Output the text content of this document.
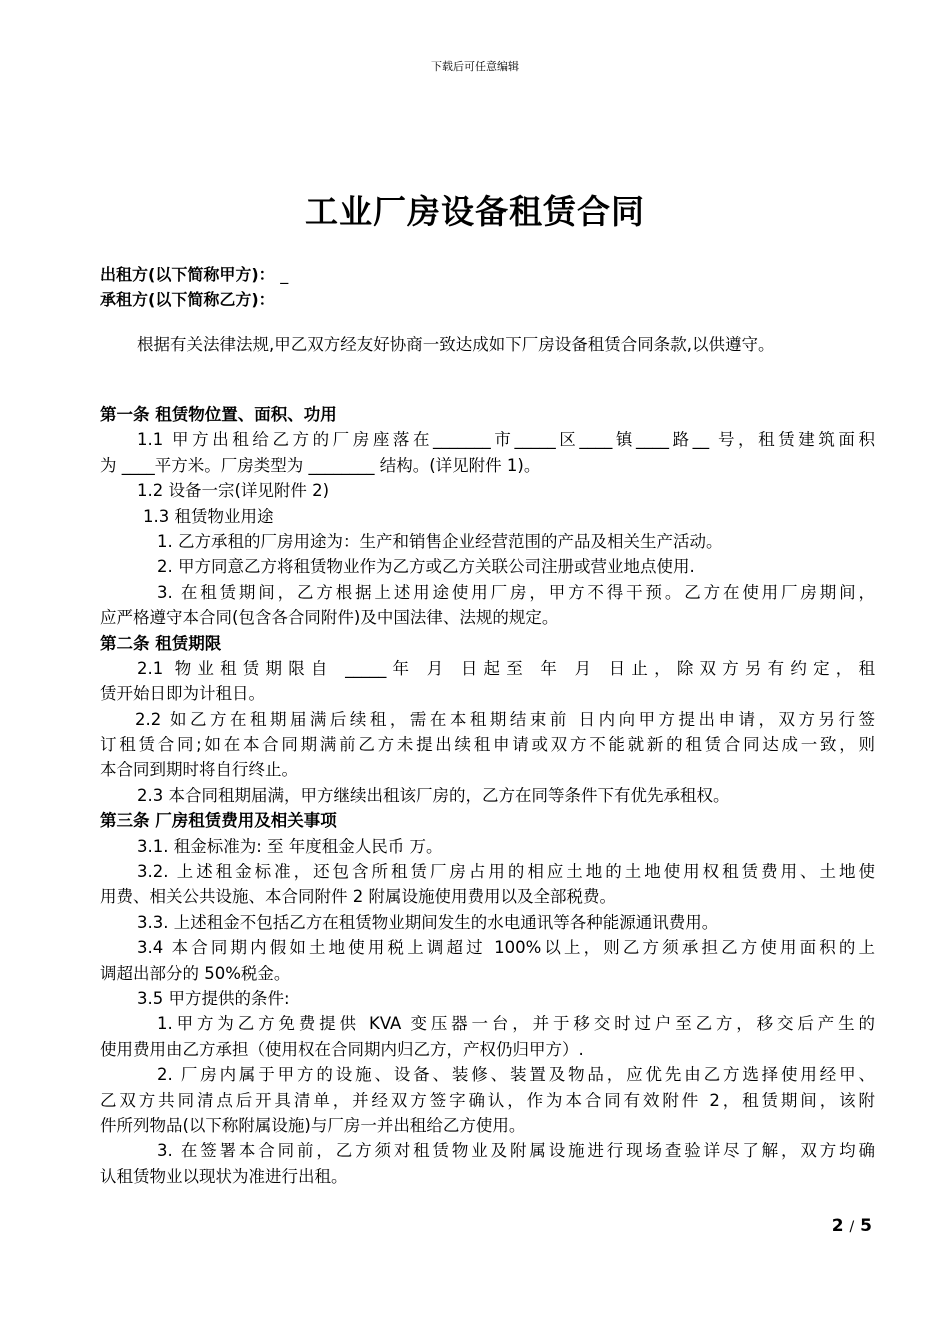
下载后可任意编辑
工业厂房设备租赁合同
出租方(以下简称甲方)： _
承租方(以下简称乙方)：
根据有关法律法规,甲乙双方经友好协商一致达成如下厂房设备租赁合同条款,以供遵守。
第一条 租赁物位置、面积、功用
1.1 甲方出租给乙方的厂房座落在_______市_____区____镇____路__ 号，租赁建筑面积
为 ____平方米。厂房类型为 ________ 结构。(详见附件 1)。
1.2 设备一宗(详见附件 2)
1.3 租赁物业用途
1. 乙方承租的厂房用途为：生产和销售企业经营范围的产品及相关生产活动。
2. 甲方同意乙方将租赁物业作为乙方或乙方关联公司注册或营业地点使用.
3. 在租赁期间，乙方根据上述用途使用厂房，甲方不得干预。乙方在使用厂房期间，
应严格遵守本合同(包含各合同附件)及中国法律、法规的规定。
第二条 租赁期限
2.1 物业租赁期限自 _____年 月 日起至 年 月 日止，除双方另有约定，租
赁开始日即为计租日。
2.2 如乙方在租期届满后续租，需在本租期结束前 日内向甲方提出申请，双方另行签
订租赁合同;如在本合同期满前乙方未提出续租申请或双方不能就新的租赁合同达成一致，则
本合同到期时将自行终止。
2.3 本合同租期届满，甲方继续出租该厂房的，乙方在同等条件下有优先承租权。
第三条 厂房租赁费用及相关事项
3.1. 租金标准为: 至 年度租金人民币 万。
3.2. 上述租金标准，还包含所租赁厂房占用的相应土地的土地使用权租赁费用、土地使
用费、相关公共设施、本合同附件 2 附属设施使用费用以及全部税费。
3.3. 上述租金不包括乙方在租赁物业期间发生的水电通讯等各种能源通讯费用。
3.4 本合同期内假如土地使用税上调超过 100%以上，则乙方须承担乙方使用面积的上
调超出部分的 50%税金。
3.5 甲方提供的条件:
1.甲方为乙方免费提供 KVA 变压器一台，并于移交时过户至乙方，移交后产生的
使用费用由乙方承担（使用权在合同期内归乙方，产权仍归甲方）.
2. 厂房内属于甲方的设施、设备、装修、装置及物品，应优先由乙方选择使用经甲、
乙双方共同清点后开具清单，并经双方签字确认，作为本合同有效附件 2，租赁期间，该附
件所列物品(以下称附属设施)与厂房一并出租给乙方使用。
3. 在签署本合同前，乙方须对租赁物业及附属设施进行现场查验详尽了解，双方均确
认租赁物业以现状为准进行出租。
2 / 5
